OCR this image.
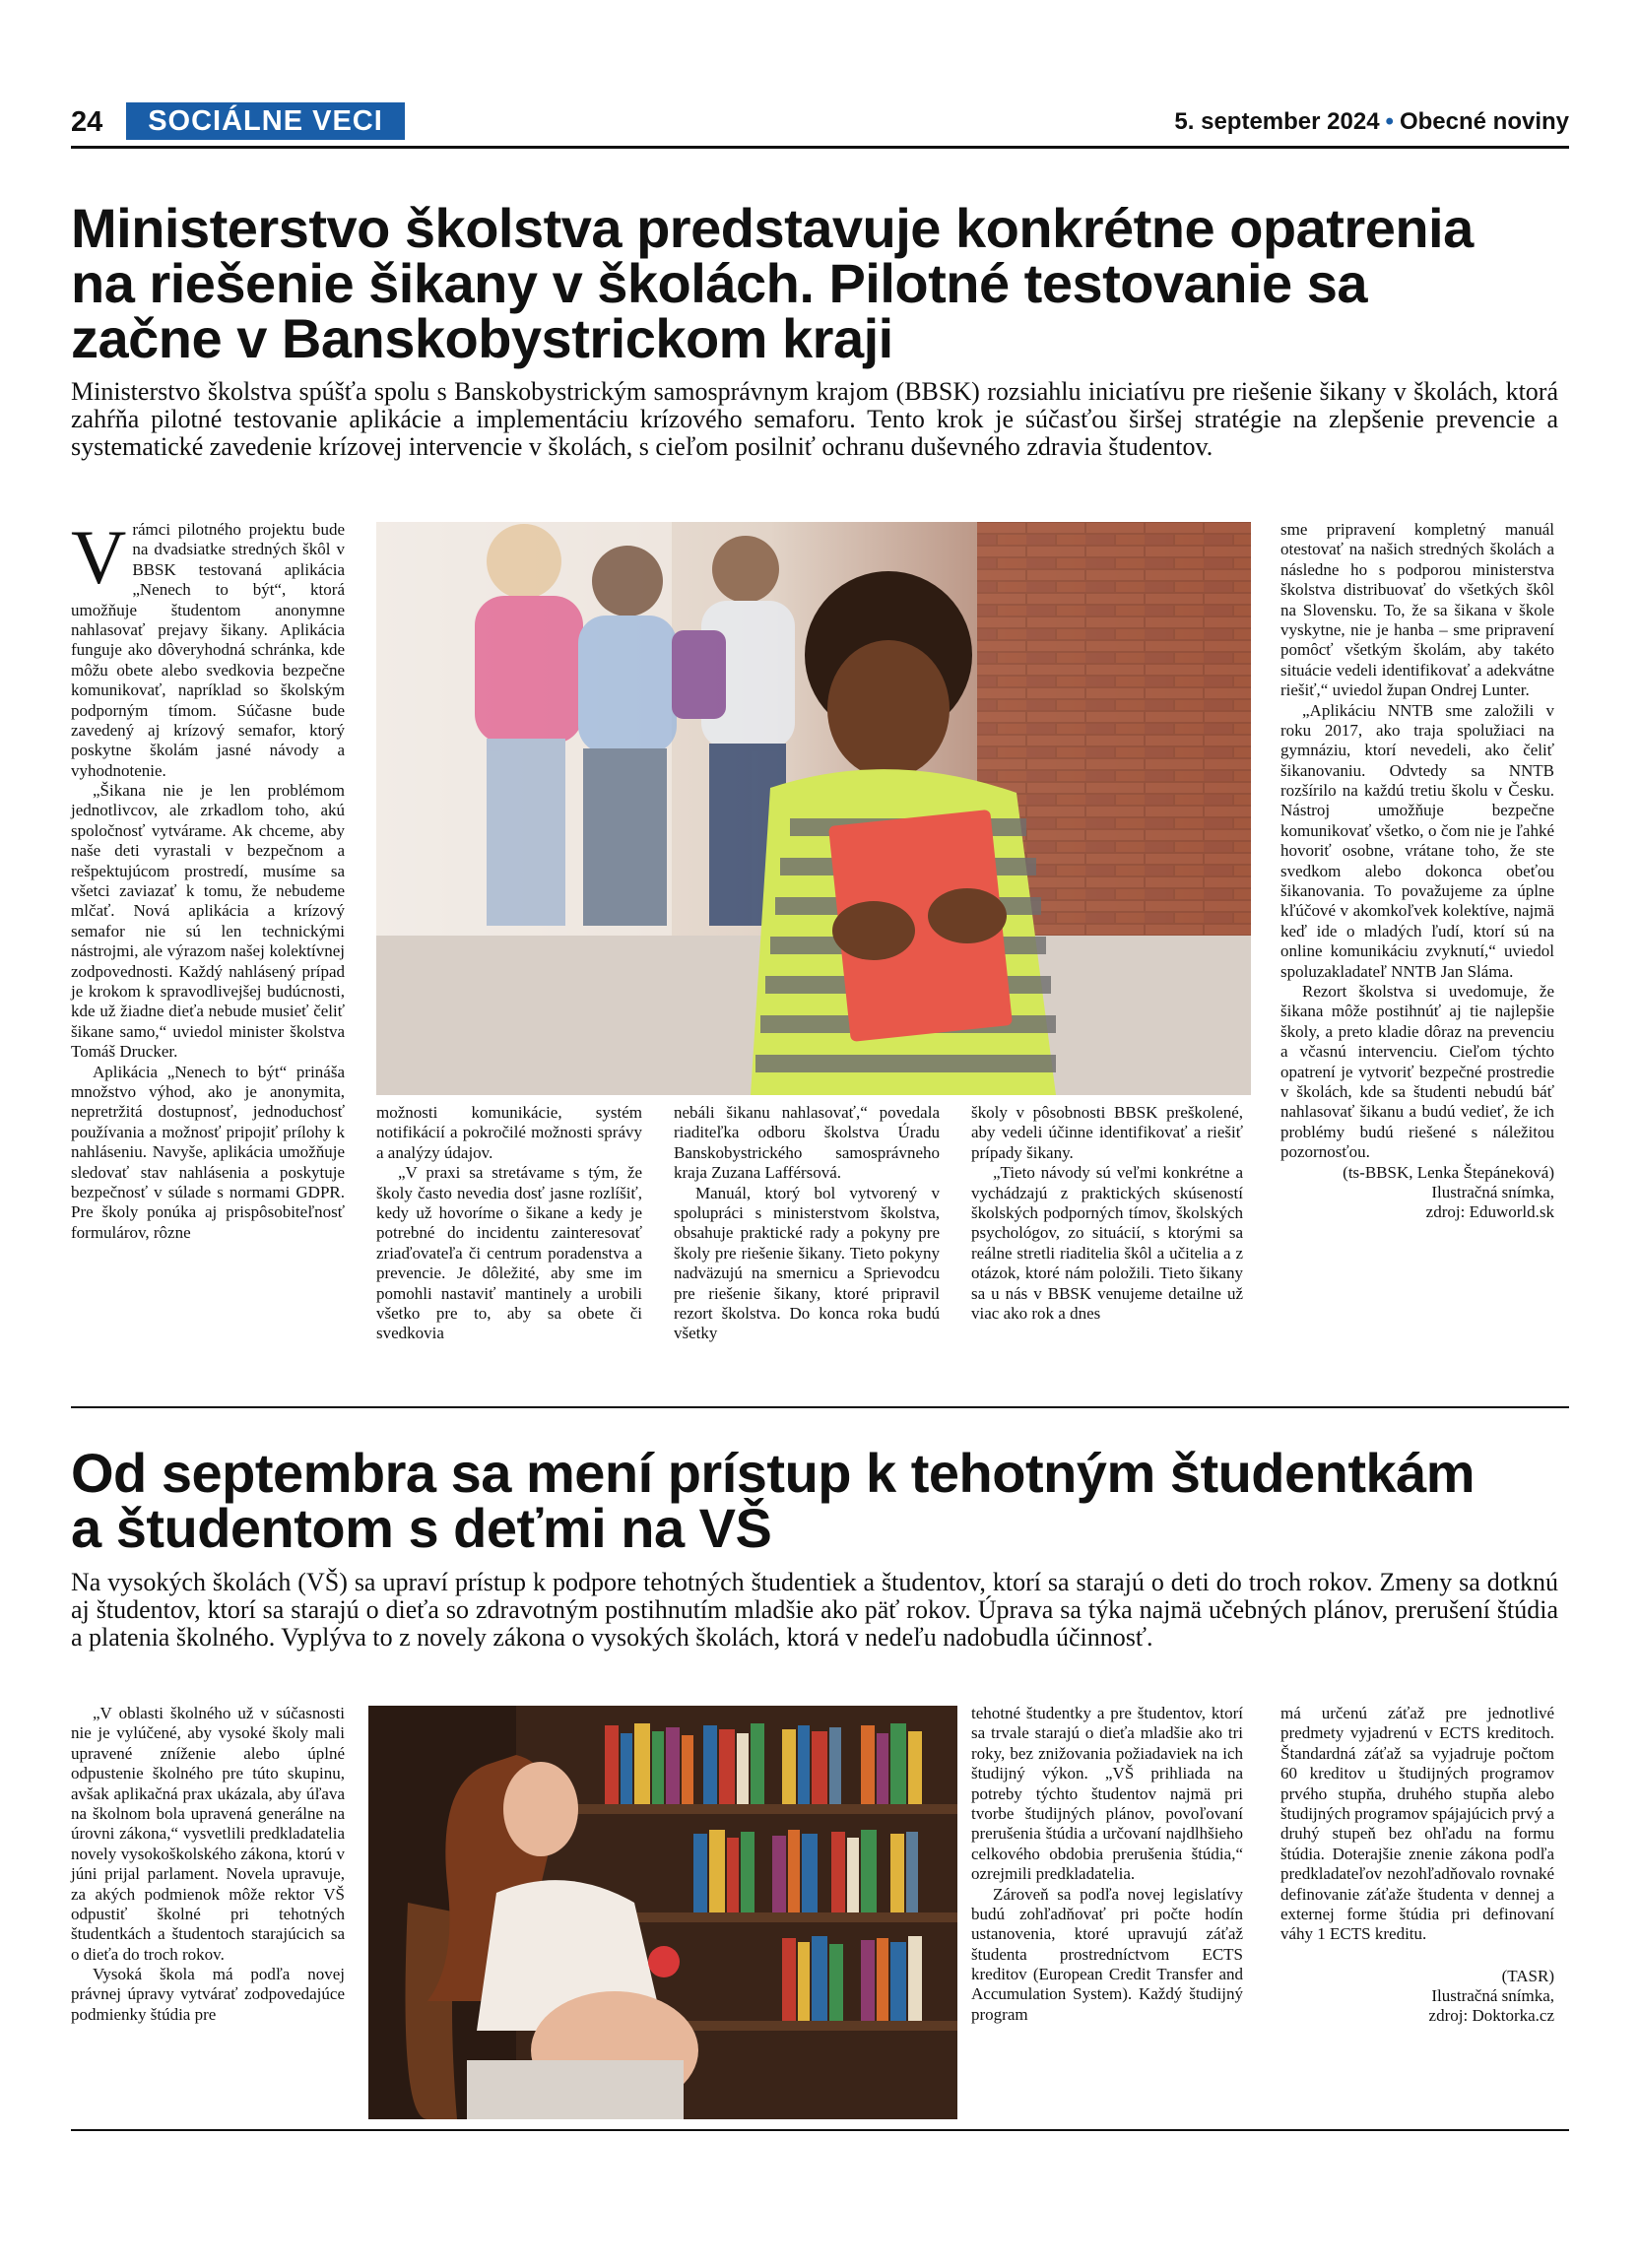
24	SOCIÁLNE VECI	5. september 2024 • Obecné noviny
Ministerstvo školstva predstavuje konkrétne opatrenia
na riešenie šikany v školách. Pilotné testovanie sa
začne v Banskobystrickom kraji

Ministerstvo školstva spúšťa spolu s Banskobystrickým samosprávnym krajom (BBSK) rozsiahlu iniciatívu pre riešenie šikany v školách, ktorá zahŕňa pilotné testovanie aplikácie a implementáciu krízového semaforu. Tento krok je súčasťou širšej stratégie na zlepšenie prevencie a systematické zavedenie krízovej intervencie v školách, s cieľom posilniť ochranu duševného zdravia študentov.

Vrámci pilotného projektu bude na dvadsiatke stredných škôl v BBSK testovaná aplikácia „Nenech to být“, ktorá umožňuje študentom anonymne nahlasovať prejavy šikany. Aplikácia funguje ako dôveryhodná schránka, kde môžu obete alebo svedkovia bezpečne komunikovať, napríklad so školským podporným tímom. Súčasne bude zavedený aj krízový semafor, ktorý poskytne školám jasné návody a vyhodnotenie.

„Šikana nie je len problémom jednotlivcov, ale zrkadlom toho, akú spoločnosť vytvárame. Ak chceme, aby naše deti vyrastali v bezpečnom a rešpektujúcom prostredí, musíme sa všetci zaviazať k tomu, že nebudeme mlčať. Nová aplikácia a krízový semafor nie sú len technickými nástrojmi, ale výrazom našej kolektívnej zodpovednosti. Každý nahlásený prípad je krokom k spravodlivejšej budúcnosti, kde už žiadne dieťa nebude musieť čeliť šikane samo,“ uviedol minister školstva Tomáš Drucker.

Aplikácia „Nenech to být“ prináša množstvo výhod, ako je anonymita, nepretržitá dostupnosť, jednoduchosť používania a možnosť pripojiť prílohy k nahláseniu. Navyše, aplikácia umožňuje sledovať stav nahlásenia a poskytuje bezpečnosť v súlade s normami GDPR. Pre školy ponúka aj prispôsobiteľnosť formulárov, rôzne

možnosti komunikácie, systém notifikácií a pokročilé možnosti správy a analýzy údajov.

„V praxi sa stretávame s tým, že školy často nevedia dosť jasne rozlíšiť, kedy už hovoríme o šikane a kedy je potrebné do incidentu zainteresovať zriaďovateľa či centrum poradenstva a prevencie. Je dôležité, aby sme im pomohli nastaviť mantinely a urobili všetko pre to, aby sa obete či svedkovia

nebáli šikanu nahlasovať,“ povedala riaditeľka odboru školstva Úradu Banskobystrického samosprávneho kraja Zuzana Lafférsová.

Manuál, ktorý bol vytvorený v spolupráci s ministerstvom školstva, obsahuje praktické rady a pokyny pre školy pre riešenie šikany. Tieto pokyny nadväzujú na smernicu a Sprievodcu pre riešenie šikany, ktoré pripravil rezort školstva. Do konca roka budú všetky

školy v pôsobnosti BBSK preškolené, aby vedeli účinne identifikovať a riešiť prípady šikany.

„Tieto návody sú veľmi konkrétne a vychádzajú z praktických skúseností školských podporných tímov, školských psychológov, zo situácií, s ktorými sa reálne stretli riaditelia škôl a učitelia a z otázok, ktoré nám položili. Tieto šikany sa u nás v BBSK venujeme detailne už viac ako rok a dnes

sme pripravení kompletný manuál otestovať na našich stredných školách a následne ho s podporou ministerstva školstva distribuovať do všetkých škôl na Slovensku. To, že sa šikana v škole vyskytne, nie je hanba – sme pripravení pomôcť všetkým školám, aby takéto situácie vedeli identifikovať a adekvátne riešiť,“ uviedol župan Ondrej Lunter.

„Aplikáciu NNTB sme založili v roku 2017, ako traja spolužiaci na gymnáziu, ktorí nevedeli, ako čeliť šikanovaniu. Odvtedy sa NNTB rozšírilo na každú tretiu školu v Česku. Nástroj umožňuje bezpečne komunikovať všetko, o čom nie je ľahké hovoriť osobne, vrátane toho, že ste svedkom alebo dokonca obeťou šikanovania. To považujeme za úplne kľúčové v akomkoľvek kolektíve, najmä keď ide o mladých ľudí, ktorí sú na online komunikáciu zvyknutí,“ uviedol spoluzakladateľ NNTB Jan Sláma.

Rezort školstva si uvedomuje, že šikana môže postihnúť aj tie najlepšie školy, a preto kladie dôraz na prevenciu a včasnú intervenciu. Cieľom týchto opatrení je vytvoriť bezpečné prostredie v školách, kde sa študenti nebudú báť nahlasovať šikanu a budú vedieť, že ich problémy budú riešené s náležitou pozornosťou.

(ts-BBSK, Lenka Štepáneková)
Ilustračná snímka,
zdroj: Eduworld.sk
Od septembra sa mení prístup k tehotným študentkám
a študentom s deťmi na VŠ

Na vysokých školách (VŠ) sa upraví prístup k podpore tehotných študentiek a študentov, ktorí sa starajú o deti do troch rokov. Zmeny sa dotknú aj študentov, ktorí sa starajú o dieťa so zdravotným postihnutím mladšie ako päť rokov. Úprava sa týka najmä učebných plánov, prerušení štúdia a platenia školného. Vyplýva to z novely zákona o vysokých školách, ktorá v nedeľu nadobudla účinnosť.

„V oblasti školného už v súčasnosti nie je vylúčené, aby vysoké školy mali upravené zníženie alebo úplné odpustenie školného pre túto skupinu, avšak aplikačná prax ukázala, aby úľava na školnom bola upravená generálne na úrovni zákona,“ vysvetlili predkladatelia novely vysokoškolského zákona, ktorú v júni prijal parlament. Novela upravuje, za akých podmienok môže rektor VŠ odpustiť školné pri tehotných študentkách a študentoch starajúcich sa o dieťa do troch rokov.

Vysoká škola má podľa novej právnej úpravy vytvárať zodpovedajúce podmienky štúdia pre

tehotné študentky a pre študentov, ktorí sa trvale starajú o dieťa mladšie ako tri roky, bez znižovania požiadaviek na ich študijný výkon. „VŠ prihliada na potreby týchto študentov najmä pri tvorbe študijných plánov, povoľovaní prerušenia štúdia a určovaní najdlhšieho celkového obdobia prerušenia štúdia,“ ozrejmili predkladatelia.

Zároveň sa podľa novej legislatívy budú zohľadňovať pri počte hodín ustanovenia, ktoré upravujú záťaž študenta prostredníctvom ECTS kreditov (European Credit Transfer and Accumulation System). Každý študijný program

má určenú záťaž pre jednotlivé predmety vyjadrenú v ECTS kreditoch. Štandardná záťaž sa vyjadruje počtom 60 kreditov u študijných programov prvého stupňa, druhého stupňa alebo študijných programov spájajúcich prvý a druhý stupeň bez ohľadu na formu štúdia. Doterajšie znenie zákona podľa predkladateľov nezohľadňovalo rovnaké definovanie záťaže študenta v dennej a externej forme štúdia pri definovaní váhy 1 ECTS kreditu.

(TASR)
Ilustračná snímka,
zdroj: Doktorka.cz
